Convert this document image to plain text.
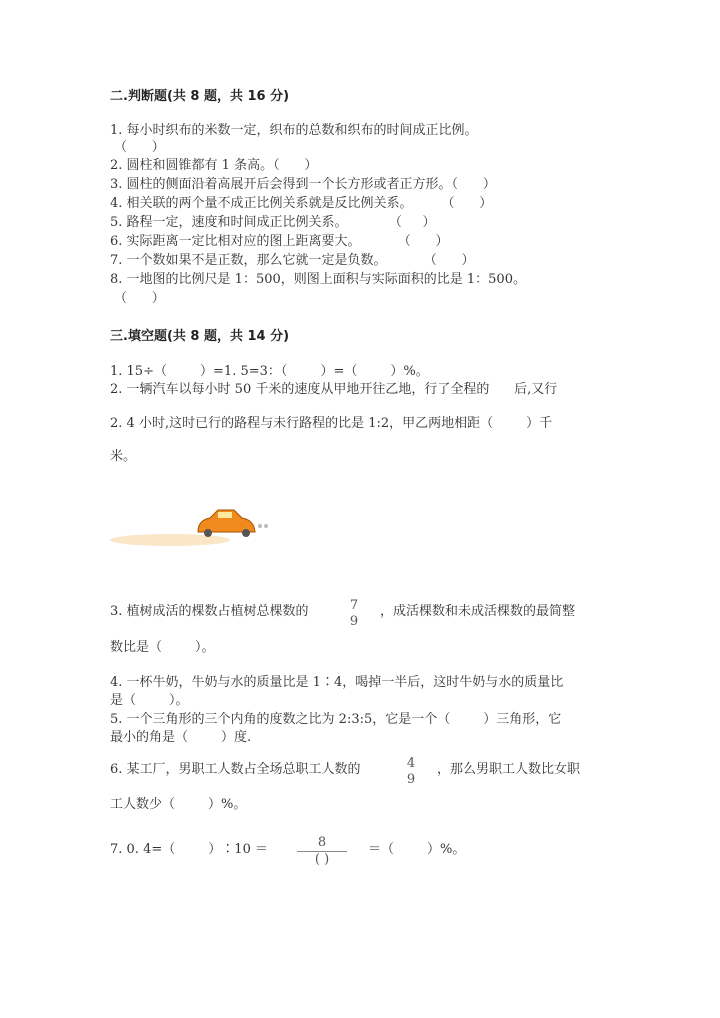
二.判断题(共 8 题，共 16 分)
1. 每小时织布的米数一定，织布的总数和织布的时间成正比例。
（      ）
2. 圆柱和圆锥都有 1 条高。（      ）
3. 圆柱的侧面沿着高展开后会得到一个长方形或者正方形。（      ）
4. 相关联的两个量不成正比例关系就是反比例关系。       （      ）
5. 路程一定，速度和时间成正比例关系。          （     ）
6. 实际距离一定比相对应的图上距离要大。         （      ）
7. 一个数如果不是正数，那么它就一定是负数。         （      ）
8. 一地图的比例尺是 1：500，则图上面积与实际面积的比是 1：500。
（      ）
三.填空题(共 8 题，共 14 分)
1. 15÷（        ）=1. 5=3：（        ）=（        ）%。
2. 一辆汽车以每小时 50 千米的速度从甲地开往乙地，行了全程的      后,又行
2. 4 小时,这时已行的路程与未行路程的比是 1:2，甲乙两地相距（        ）千
米。
3. 植树成活的棵数占植树总棵数的	7
9
，成活棵数和未成活棵数的最简整
数比是（        ）。
4. 一杯牛奶，牛奶与水的质量比是 1∶4，喝掉一半后，这时牛奶与水的质量比
是（        ）。
5. 一个三角形的三个内角的度数之比为 2:3:5，它是一个（        ）三角形，它
最小的角是（        ）度.
6. 某工厂，男职工人数占全场总职工人数的	4
9
，那么男职工人数比女职
工人数少（        ）%。
7. 0. 4=（        ）∶10 ＝	8
( )
＝（        ）%。
